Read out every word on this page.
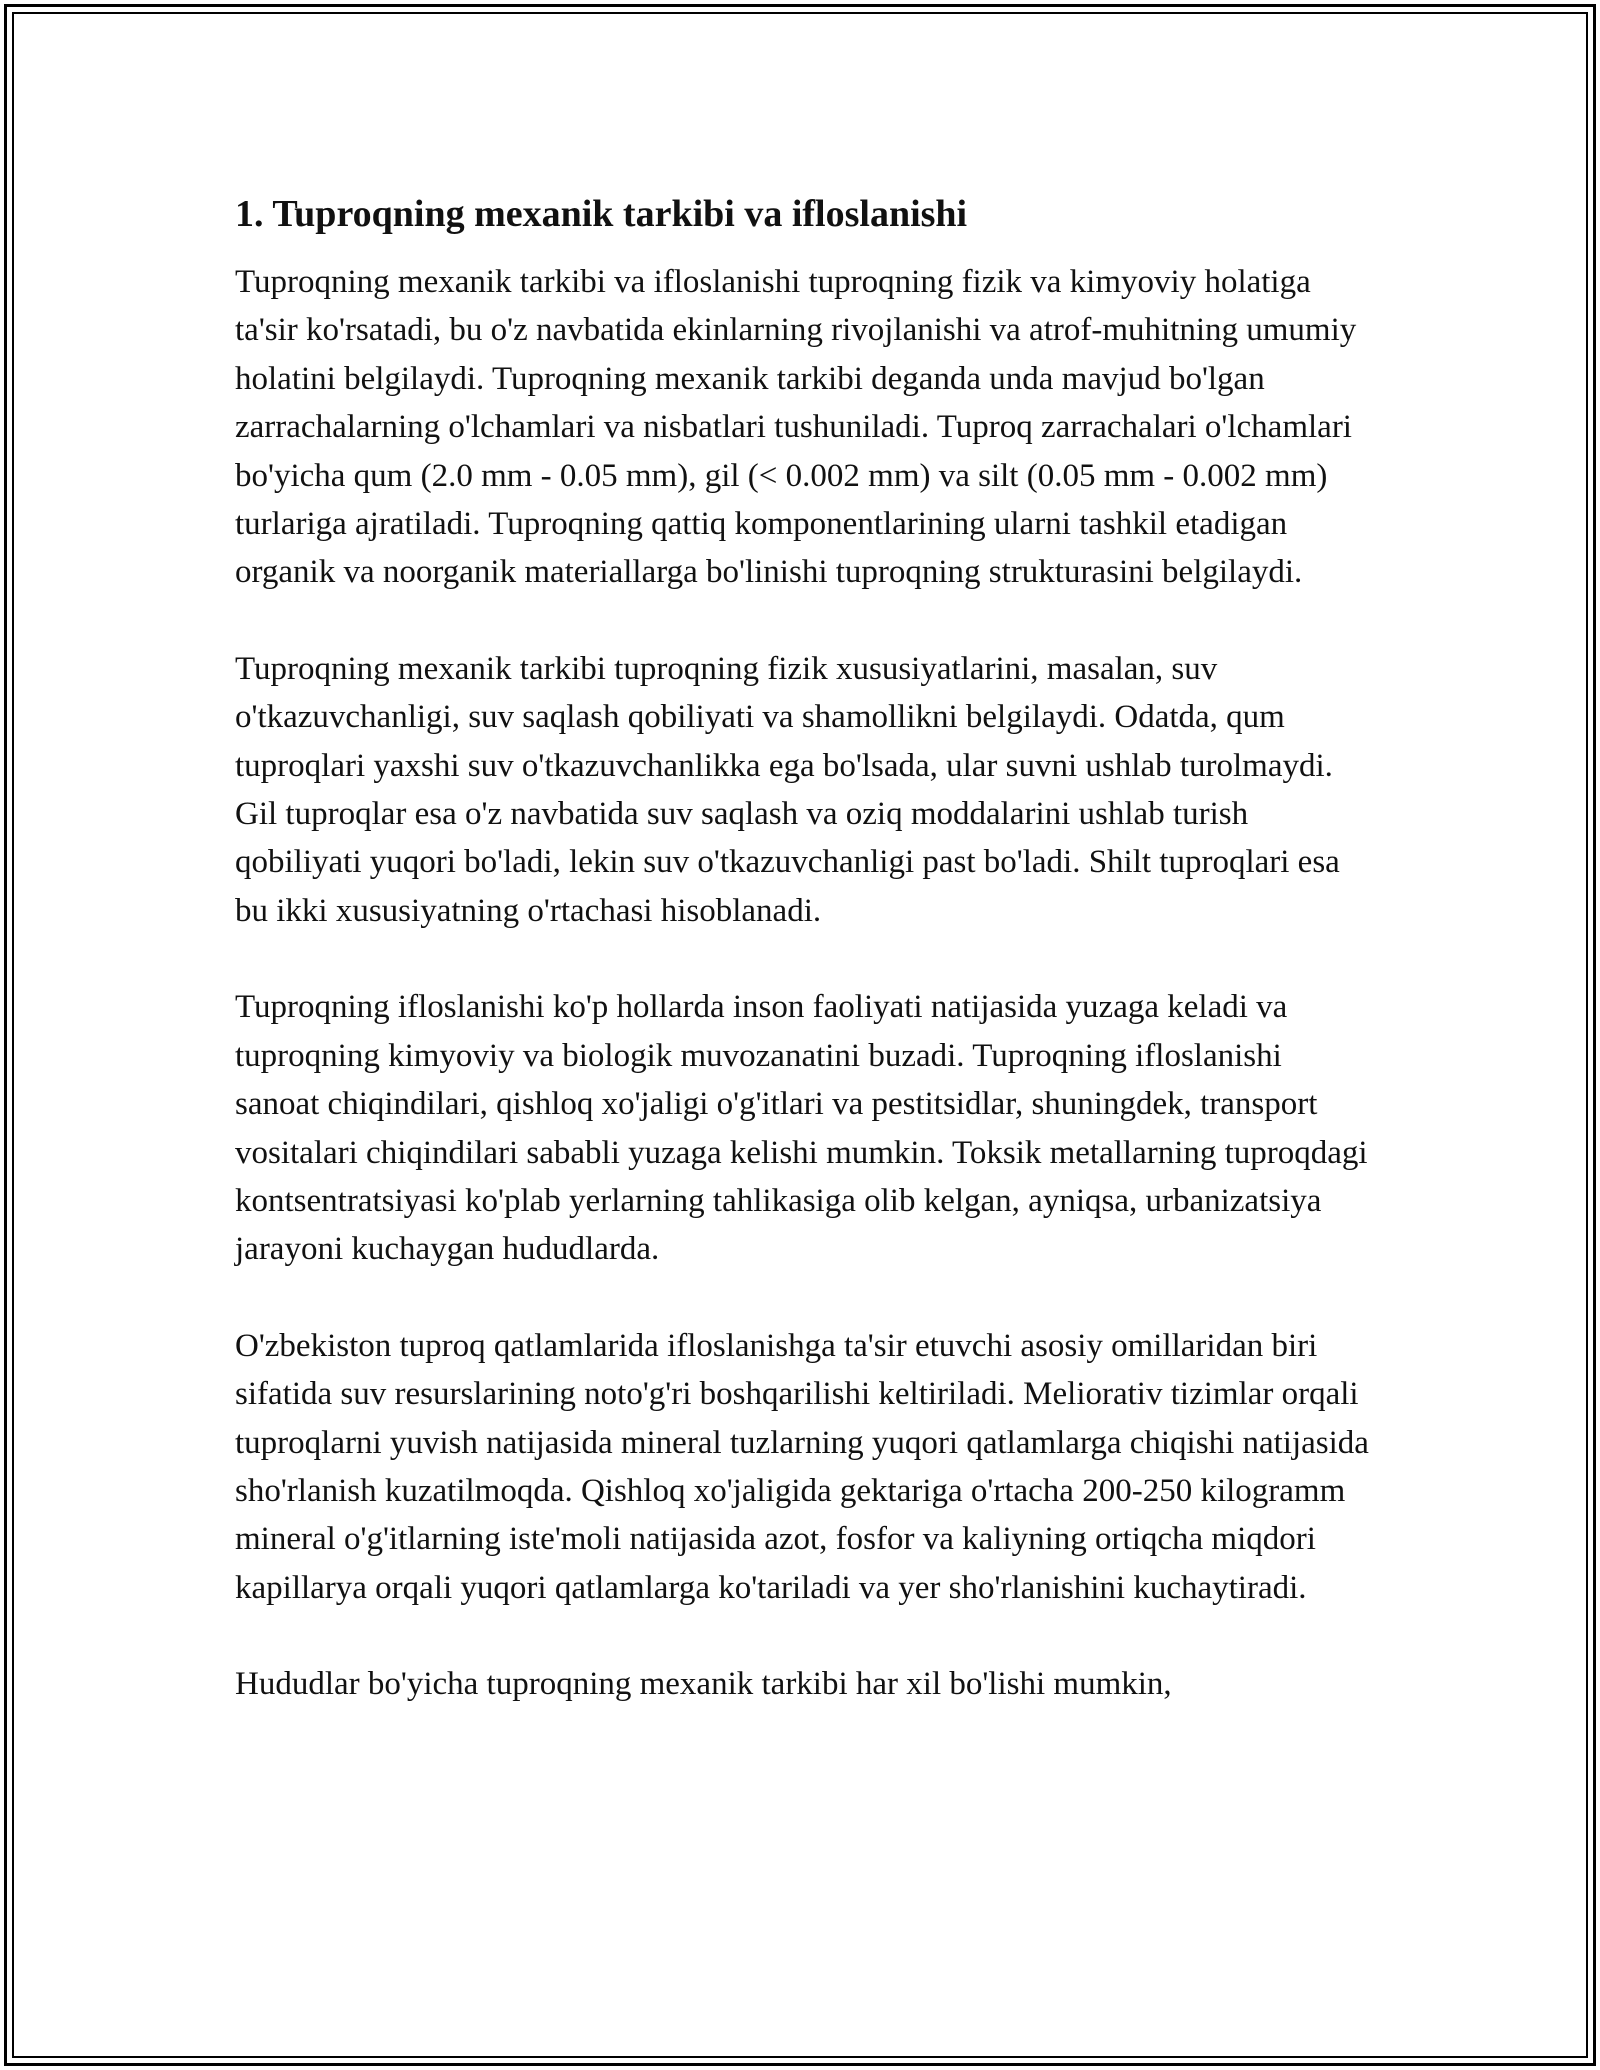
1. Tuproqning mexanik tarkibi va ifloslanishi

Tuproqning mexanik tarkibi va ifloslanishi tuproqning fizik va kimyoviy holatiga ta'sir ko'rsatadi, bu o'z navbatida ekinlarning rivojlanishi va atrof-muhitning umumiy holatini belgilaydi. Tuproqning mexanik tarkibi deganda unda mavjud bo'lgan zarrachalarning o'lchamlari va nisbatlari tushuniladi. Tuproq zarrachalari o'lchamlari bo'yicha qum (2.0 mm - 0.05 mm), gil (< 0.002 mm) va silt (0.05 mm - 0.002 mm) turlariga ajratiladi. Tuproqning qattiq komponentlarining ularni tashkil etadigan organik va noorganik materiallarga bo'linishi tuproqning strukturasini belgilaydi.

Tuproqning mexanik tarkibi tuproqning fizik xususiyatlarini, masalan, suv o'tkazuvchanligi, suv saqlash qobiliyati va shamollikni belgilaydi. Odatda, qum tuproqlari yaxshi suv o'tkazuvchanlikka ega bo'lsada, ular suvni ushlab turolmaydi. Gil tuproqlar esa o'z navbatida suv saqlash va oziq moddalarini ushlab turish qobiliyati yuqori bo'ladi, lekin suv o'tkazuvchanligi past bo'ladi. Shilt tuproqlari esa bu ikki xususiyatning o'rtachasi hisoblanadi.

Tuproqning ifloslanishi ko'p hollarda inson faoliyati natijasida yuzaga keladi va tuproqning kimyoviy va biologik muvozanatini buzadi. Tuproqning ifloslanishi sanoat chiqindilari, qishloq xo'jaligi o'g'itlari va pestitsidlar, shuningdek, transport vositalari chiqindilari sababli yuzaga kelishi mumkin. Toksik metallarning tuproqdagi kontsentratsiyasi ko'plab yerlarning tahlikasiga olib kelgan, ayniqsa, urbanizatsiya jarayoni kuchaygan hududlarda.

O'zbekiston tuproq qatlamlarida ifloslanishga ta'sir etuvchi asosiy omillaridan biri sifatida suv resurslarining noto'g'ri boshqarilishi keltiriladi. Meliorativ tizimlar orqali tuproqlarni yuvish natijasida mineral tuzlarning yuqori qatlamlarga chiqishi natijasida sho'rlanish kuzatilmoqda. Qishloq xo'jaligida gektariga o'rtacha 200-250 kilogramm mineral o'g'itlarning iste'moli natijasida azot, fosfor va kaliyning ortiqcha miqdori kapillarya orqali yuqori qatlamlarga ko'tariladi va yer sho'rlanishini kuchaytiradi.

Hududlar bo'yicha tuproqning mexanik tarkibi har xil bo'lishi mumkin,
